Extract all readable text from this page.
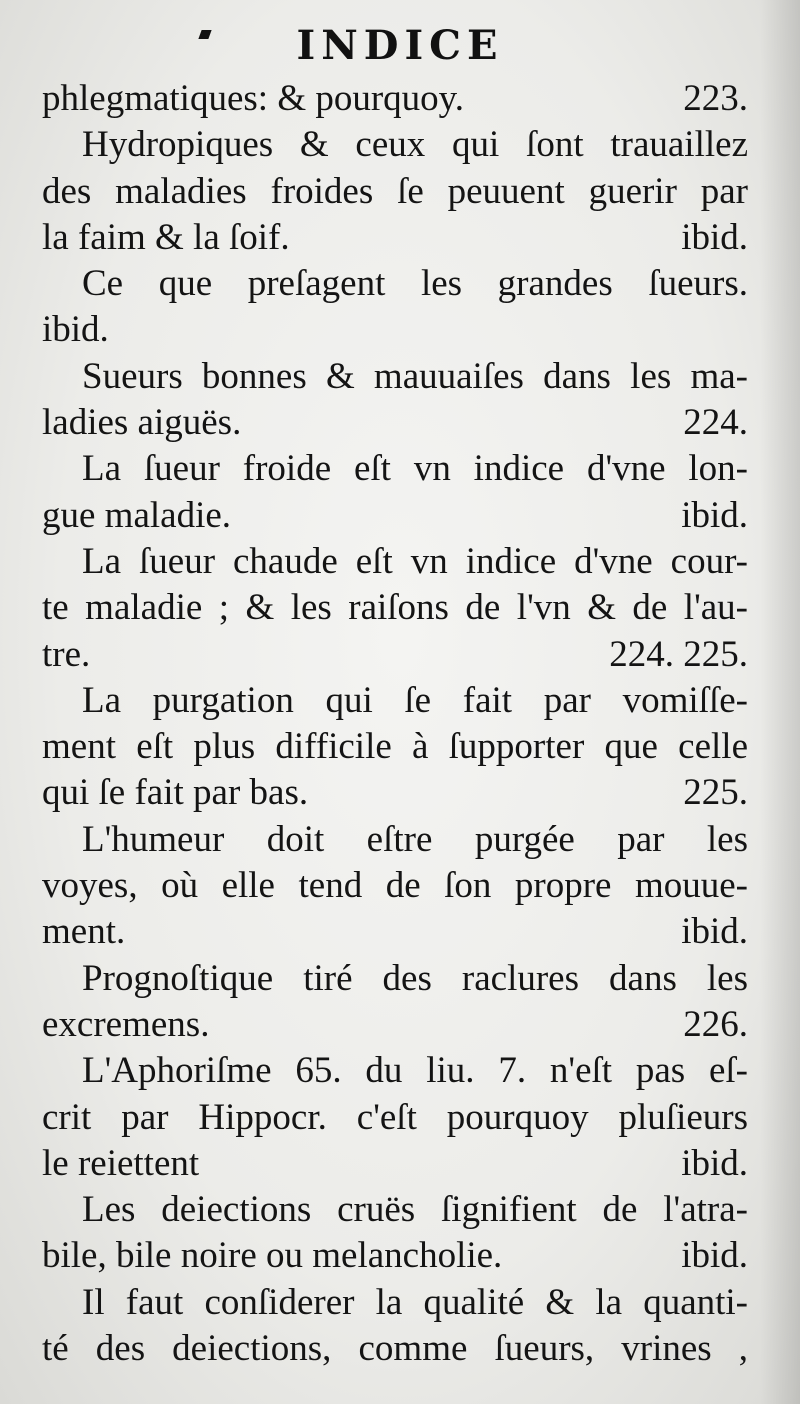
INDICE
phlegmatiques: & pourquoy.	223.
Hydropiques & ceux qui ſont trauaillez
des maladies froides ſe peuuent guerir par
la faim & la ſoif.	ibid.
Ce que preſagent les grandes ſueurs.
ibid.
Sueurs bonnes & mauuaiſes dans les ma-
ladies aiguës.	224.
La ſueur froide eſt vn indice d'vne lon-
gue maladie.	ibid.
La ſueur chaude eſt vn indice d'vne cour-
te maladie ; & les raiſons de l'vn & de l'au-
tre.	224. 225.
La purgation qui ſe fait par vomiſſe-
ment eſt plus difficile à ſupporter que celle
qui ſe fait par bas.	225.
L'humeur doit eſtre purgée par les
voyes, où elle tend de ſon propre mouue-
ment.	ibid.
Prognoſtique tiré des raclures dans les
excremens.	226.
L'Aphoriſme 65. du liu. 7. n'eſt pas eſ-
crit par Hippocr. c'eſt pourquoy pluſieurs
le reiettent	ibid.
Les deiections cruës ſignifient de l'atra-
bile, bile noire ou melancholie.	ibid.
Il faut conſiderer la qualité & la quanti-
té des deiections, comme ſueurs, vrines ,
